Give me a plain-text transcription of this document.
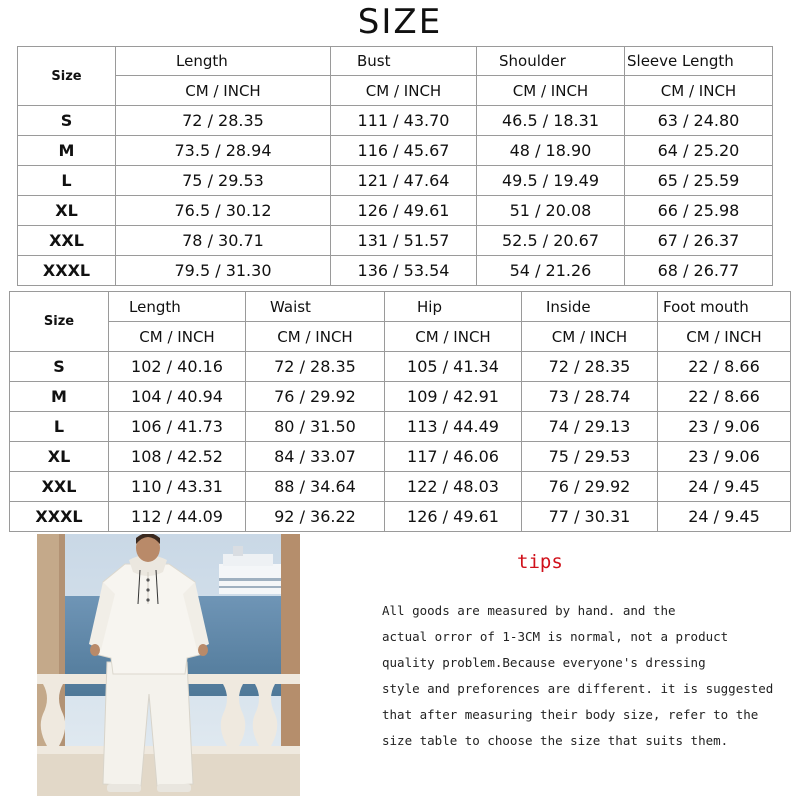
SIZE
Size	Length	Bust	Shoulder	Sleeve Length
	CM / INCH	CM / INCH	CM / INCH	CM / INCH
S	72 / 28.35	111 / 43.70	46.5 / 18.31	63 / 24.80
M	73.5 / 28.94	116 / 45.67	48 / 18.90	64 / 25.20
L	75 / 29.53	121 / 47.64	49.5 / 19.49	65 / 25.59
XL	76.5 / 30.12	126 / 49.61	51 / 20.08	66 / 25.98
XXL	78 / 30.71	131 / 51.57	52.5 / 20.67	67 / 26.37
XXXL	79.5 / 31.30	136 / 53.54	54 / 21.26	68 / 26.77
Size	Length	Waist	Hip	Inside	Foot mouth
	CM / INCH	CM / INCH	CM / INCH	CM / INCH	CM / INCH
S	102 / 40.16	72 / 28.35	105 / 41.34	72 / 28.35	22 / 8.66
M	104 / 40.94	76 / 29.92	109 / 42.91	73 / 28.74	22 / 8.66
L	106 / 41.73	80 / 31.50	113 / 44.49	74 / 29.13	23 / 9.06
XL	108 / 42.52	84 / 33.07	117 / 46.06	75 / 29.53	23 / 9.06
XXL	110 / 43.31	88 / 34.64	122 / 48.03	76 / 29.92	24 / 9.45
XXXL	112 / 44.09	92 / 36.22	126 / 49.61	77 / 30.31	24 / 9.45
tips
All goods are measured by hand. and the
actual orror of 1-3CM is normal, not a product
quality problem.Because everyone's dressing
style and preforences are different. it is suggested
that after measuring their body size, refer to the
size table to choose the size that suits them.
